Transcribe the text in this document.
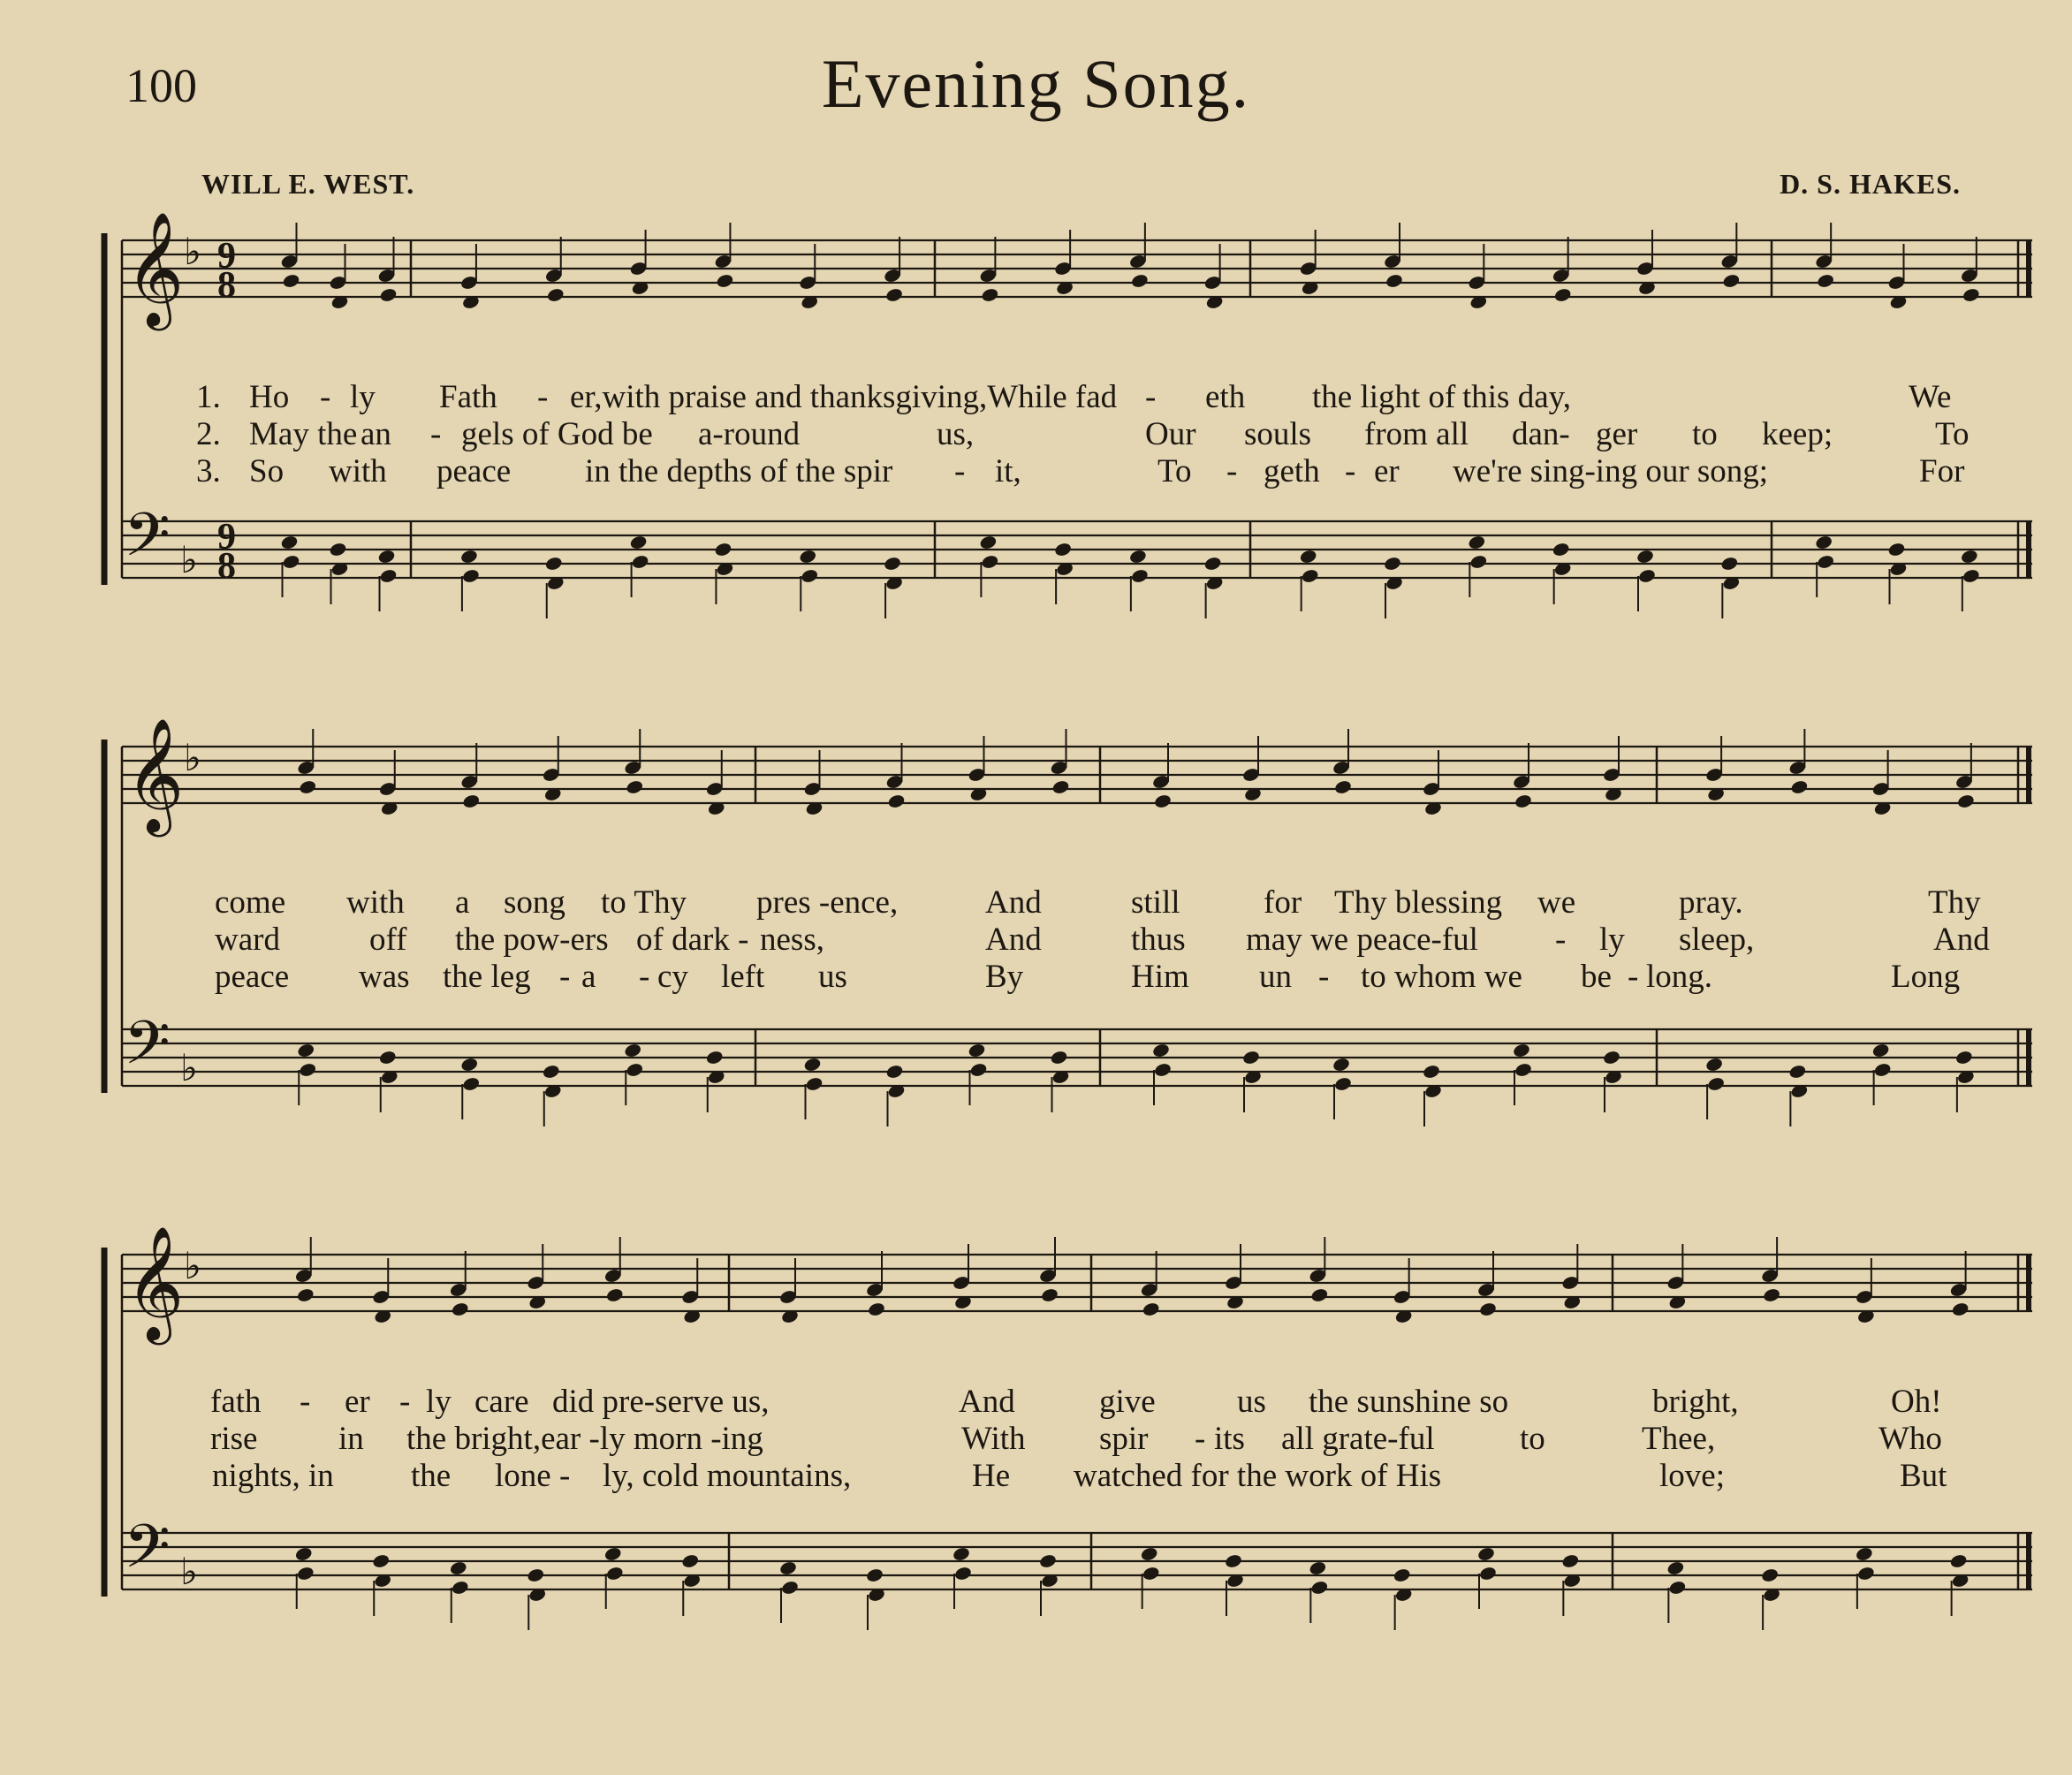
100	Evening Song.
WILL E. WEST.	D. S. HAKES.
𝄞
𝄢
♭
♭
9
8
9
8
𝄞
𝄢
♭
♭
𝄞
𝄢
♭
♭
1. Ho - ly Fath - er,with praise and thanksgiving,While fad - eth the light of this day,	We
2. May the an - gels of God be a-round	us,	Our souls from all dan- ger to keep;	To
3. So with peace in the depths of the spir - it,	To - geth - er we're sing-ing our song;	For
come with a song to Thy pres -ence,	And	still	for Thy blessing we	pray.	Thy
ward	off the pow-ers of dark - ness,	And	thus may we peace-ful - ly sleep,	And
peace was the leg - a - cy left us	By	Him un - to whom we be - long.	Long
fath - er - ly care did pre-serve us,	And	give us the sunshine so	bright,	Oh!
rise in the bright,ear -ly morn -ing	With spir - its all grate-ful	to	Thee,	Who
nights, in the lone - ly, cold mountains,	He watched for the work of His	love;	But
